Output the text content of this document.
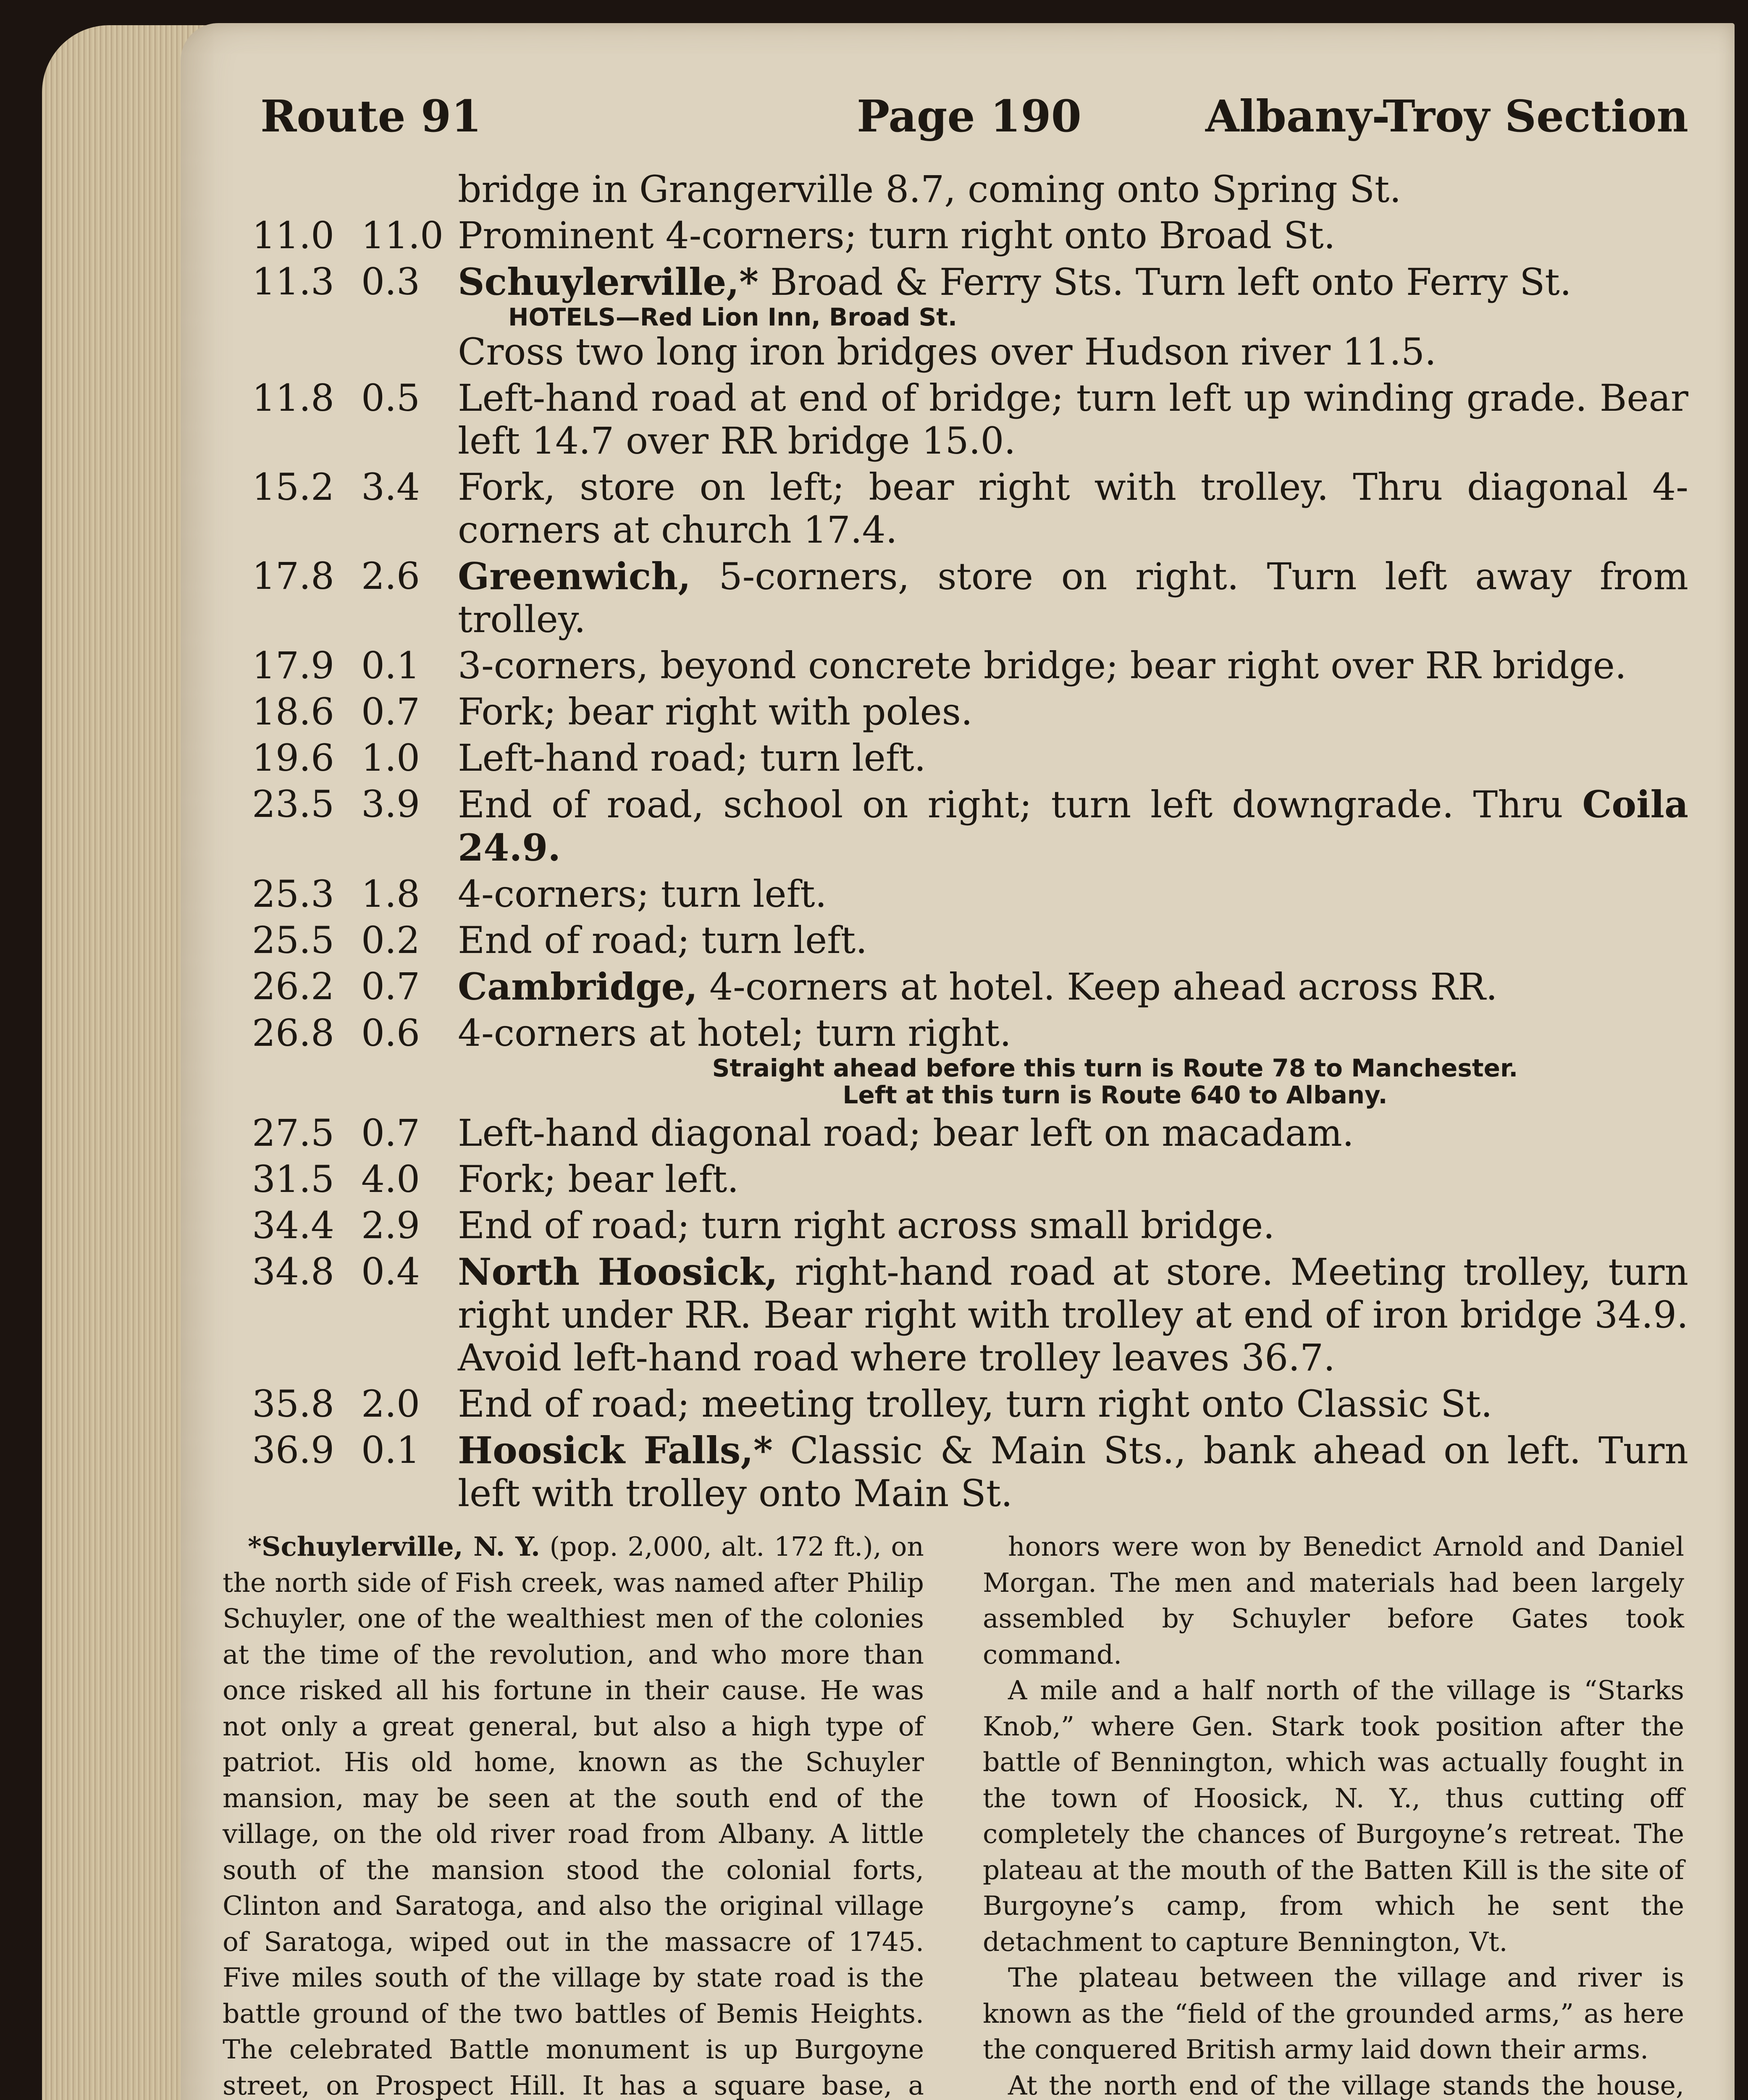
Route 91	Page 190	Albany-Troy Section
bridge in Grangerville 8.7, coming onto Spring St.
11.0 11.0 Prominent 4-corners; turn right onto Broad St.
11.3 0.3	Schuylerville,* Broad & Ferry Sts. Turn left onto Ferry St.
HOTELS—Red Lion Inn, Broad St.
Cross two long iron bridges over Hudson river 11.5.
11.8 0.5	Left-hand road at end of bridge; turn left up winding grade. Bear left 14.7 over RR bridge 15.0.
15.2 3.4	Fork, store on left; bear right with trolley. Thru diagonal 4-corners at church 17.4.
17.8 2.6	Greenwich, 5-corners, store on right. Turn left away from trolley.
17.9 0.1	3-corners, beyond concrete bridge; bear right over RR bridge.
18.6 0.7	Fork; bear right with poles.
19.6 1.0	Left-hand road; turn left.
23.5 3.9	End of road, school on right; turn left downgrade. Thru Coila 24.9.
25.3 1.8	4-corners; turn left.
25.5 0.2	End of road; turn left.
26.2 0.7	Cambridge, 4-corners at hotel. Keep ahead across RR.
26.8 0.6	4-corners at hotel; turn right.
Straight ahead before this turn is Route 78 to Manchester.
Left at this turn is Route 640 to Albany.
27.5 0.7	Left-hand diagonal road; bear left on macadam.
31.5 4.0	Fork; bear left.
34.4 2.9	End of road; turn right across small bridge.
34.8 0.4	North Hoosick, right-hand road at store. Meeting trolley, turn right under RR. Bear right with trolley at end of iron bridge 34.9. Avoid left-hand road where trolley leaves 36.7.
35.8 2.0	End of road; meeting trolley, turn right onto Classic St.
36.9 0.1	Hoosick Falls,* Classic & Main Sts., bank ahead on left. Turn left with trolley onto Main St.

*Schuylerville, N. Y. (pop. 2,000, alt. 172 ft.), on the north side of Fish creek, was named after Philip Schuyler, one of the wealthiest men of the colonies at the time of the revolution, and who more than once risked all his fortune in their cause. He was not only a great general, but also a high type of patriot. His old home, known as the Schuyler mansion, may be seen at the south end of the village, on the old river road from Albany. A little south of the mansion stood the colonial forts, Clinton and Saratoga, and also the original village of Saratoga, wiped out in the massacre of 1745. Five miles south of the village by state road is the battle ground of the two battles of Bemis Heights. The celebrated Battle monument is up Burgoyne street, on Prospect Hill. It has a square base, a

honors were won by Benedict Arnold and Daniel Morgan. The men and materials had been largely assembled by Schuyler before Gates took command.

A mile and a half north of the village is “Starks Knob,” where Gen. Stark took position after the battle of Bennington, which was actually fought in the town of Hoosick, N. Y., thus cutting off completely the chances of Burgoyne’s retreat. The plateau at the mouth of the Batten Kill is the site of Burgoyne’s camp, from which he sent the detachment to capture Bennington, Vt.

The plateau between the village and river is known as the “field of the grounded arms,” as here the conquered British army laid down their arms.

At the north end of the village stands the house,
